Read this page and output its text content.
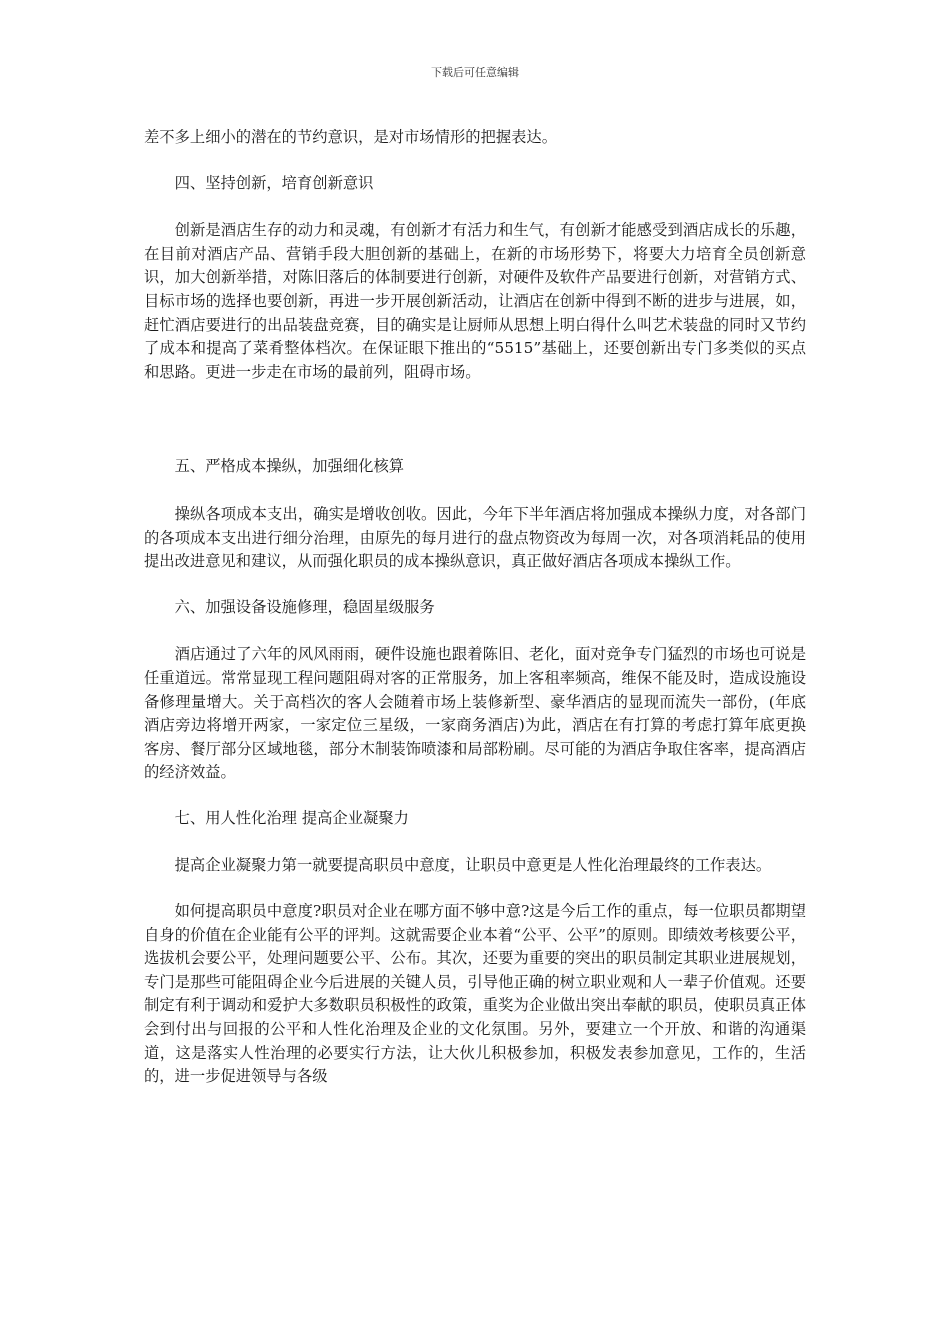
下载后可任意编辑

差不多上细小的潜在的节约意识，是对市场情形的把握表达。

四、坚持创新，培育创新意识

创新是酒店生存的动力和灵魂，有创新才有活力和生气，有创新才能感受到酒店成长的乐趣，在目前对酒店产品、营销手段大胆创新的基础上，在新的市场形势下，将要大力培育全员创新意识，加大创新举措，对陈旧落后的体制要进行创新，对硬件及软件产品要进行创新，对营销方式、目标市场的选择也要创新，再进一步开展创新活动，让酒店在创新中得到不断的进步与进展，如，赶忙酒店要进行的出品装盘竞赛，目的确实是让厨师从思想上明白得什么叫艺术装盘的同时又节约了成本和提高了菜肴整体档次。在保证眼下推出的“5515”基础上，还要创新出专门多类似的买点和思路。更进一步走在市场的最前列，阻碍市场。

五、严格成本操纵，加强细化核算

操纵各项成本支出，确实是增收创收。因此，今年下半年酒店将加强成本操纵力度，对各部门的各项成本支出进行细分治理，由原先的每月进行的盘点物资改为每周一次，对各项消耗品的使用提出改进意见和建议，从而强化职员的成本操纵意识，真正做好酒店各项成本操纵工作。

六、加强设备设施修理，稳固星级服务

酒店通过了六年的风风雨雨，硬件设施也跟着陈旧、老化，面对竞争专门猛烈的市场也可说是任重道远。常常显现工程问题阻碍对客的正常服务，加上客租率频高，维保不能及时，造成设施设备修理量增大。关于高档次的客人会随着市场上装修新型、豪华酒店的显现而流失一部份，(年底酒店旁边将增开两家，一家定位三星级，一家商务酒店)为此，酒店在有打算的考虑打算年底更换客房、餐厅部分区域地毯，部分木制装饰喷漆和局部粉刷。尽可能的为酒店争取住客率，提高酒店的经济效益。

七、用人性化治理 提高企业凝聚力

提高企业凝聚力第一就要提高职员中意度，让职员中意更是人性化治理最终的工作表达。

如何提高职员中意度?职员对企业在哪方面不够中意?这是今后工作的重点，每一位职员都期望自身的价值在企业能有公平的评判。这就需要企业本着“公平、公平”的原则。即绩效考核要公平，选拔机会要公平，处理问题要公平、公布。其次，还要为重要的突出的职员制定其职业进展规划，专门是那些可能阻碍企业今后进展的关键人员，引导他正确的树立职业观和人一辈子价值观。还要制定有利于调动和爱护大多数职员积极性的政策，重奖为企业做出突出奉献的职员，使职员真正体会到付出与回报的公平和人性化治理及企业的文化氛围。另外，要建立一个开放、和谐的沟通渠道，这是落实人性治理的必要实行方法，让大伙儿积极参加，积极发表参加意见，工作的，生活的，进一步促进领导与各级
